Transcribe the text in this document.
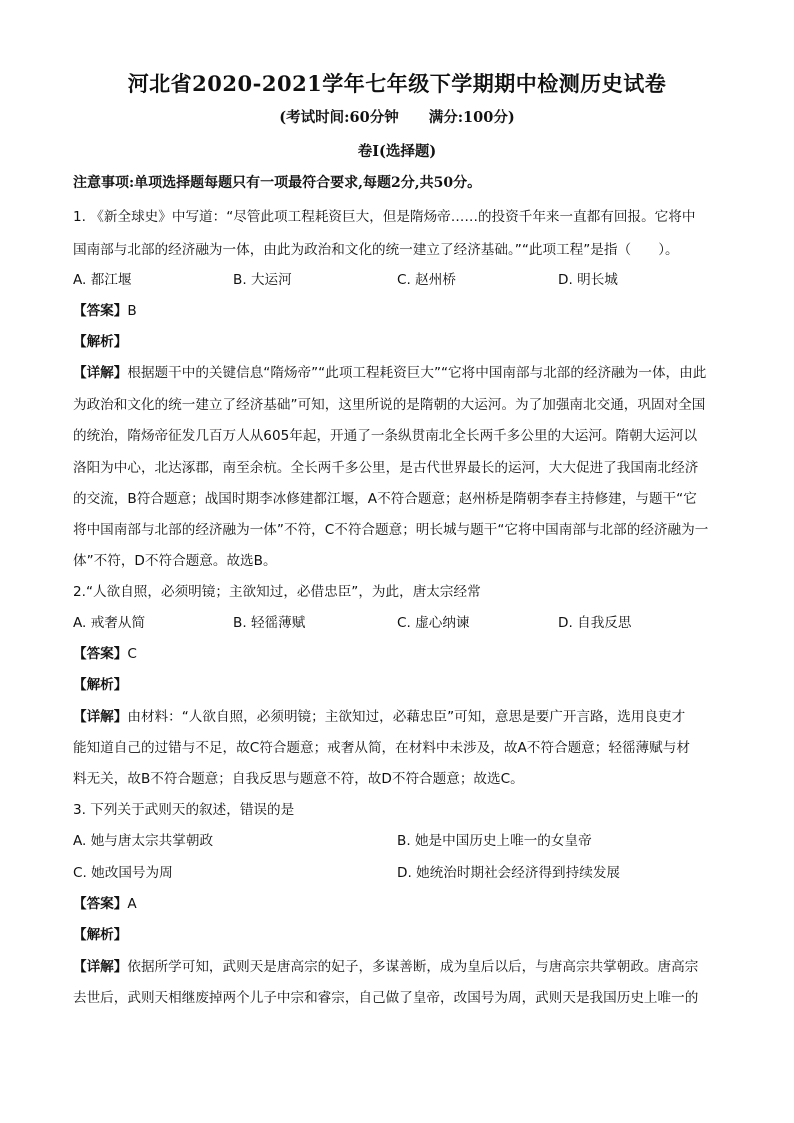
河北省2020-2021学年七年级下学期期中检测历史试卷
(考试时间:60分钟 满分:100分)
卷I(选择题)
注意事项:单项选择题每题只有一项最符合要求,每题2分,共50分。
1. 《新全球史》中写道：“尽管此项工程耗资巨大，但是隋炀帝……的投资千年来一直都有回报。它将中
国南部与北部的经济融为一体，由此为政治和文化的统一建立了经济基础。”“此项工程”是指（　　）。
A. 都江堰	B. 大运河	C. 赵州桥	D. 明长城
【答案】B
【解析】
【详解】根据题干中的关键信息“隋炀帝”“此项工程耗资巨大”“它将中国南部与北部的经济融为一体，由此
为政治和文化的统一建立了经济基础”可知，这里所说的是隋朝的大运河。为了加强南北交通，巩固对全国
的统治，隋炀帝征发几百万人从605年起，开通了一条纵贯南北全长两千多公里的大运河。隋朝大运河以
洛阳为中心，北达涿郡，南至余杭。全长两千多公里，是古代世界最长的运河，大大促进了我国南北经济
的交流，B符合题意；战国时期李冰修建都江堰，A不符合题意；赵州桥是隋朝李春主持修建，与题干“它
将中国南部与北部的经济融为一体”不符，C不符合题意；明长城与题干“它将中国南部与北部的经济融为一
体”不符，D不符合题意。故选B。
2.“人欲自照，必须明镜；主欲知过，必借忠臣”，为此，唐太宗经常
A. 戒奢从简	B. 轻徭薄赋	C. 虚心纳谏	D. 自我反思
【答案】C
【解析】
【详解】由材料：“人欲自照，必须明镜；主欲知过，必藉忠臣”可知，意思是要广开言路，选用良吏才
能知道自己的过错与不足，故C符合题意；戒奢从简，在材料中未涉及，故A不符合题意；轻徭薄赋与材
料无关，故B不符合题意；自我反思与题意不符，故D不符合题意；故选C。
3. 下列关于武则天的叙述，错误的是
A. 她与唐太宗共掌朝政	B. 她是中国历史上唯一的女皇帝
C. 她改国号为周	D. 她统治时期社会经济得到持续发展
【答案】A
【解析】
【详解】依据所学可知，武则天是唐高宗的妃子，多谋善断，成为皇后以后，与唐高宗共掌朝政。唐高宗
去世后，武则天相继废掉两个儿子中宗和睿宗，自己做了皇帝，改国号为周，武则天是我国历史上唯一的
